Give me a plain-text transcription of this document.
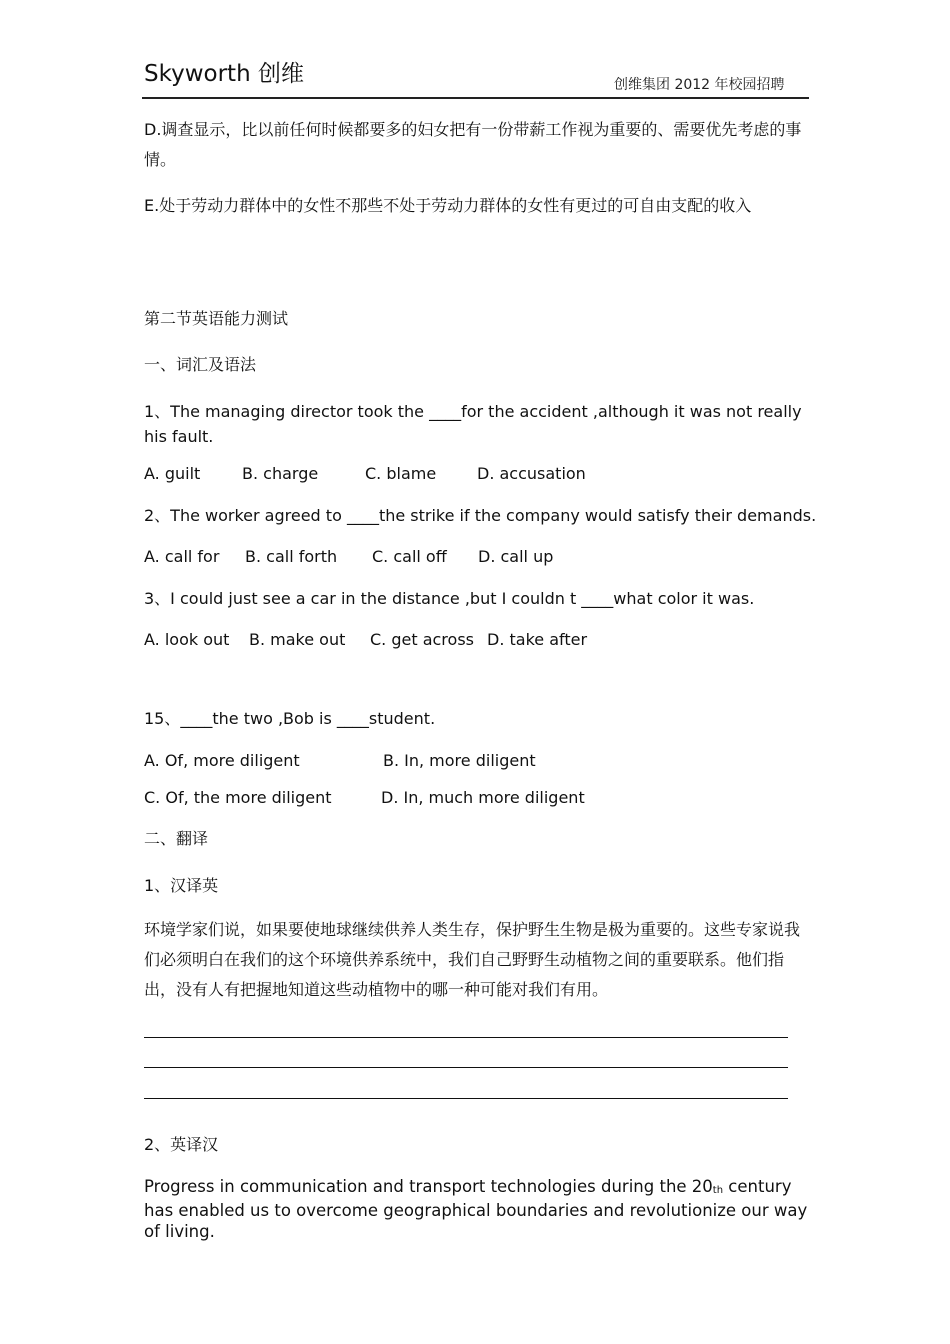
Skyworth 创维	创维集团 2012 年校园招聘
D.调查显示，比以前任何时候都要多的妇女把有一份带薪工作视为重要的、需要优先考虑的事情。
E.处于劳动力群体中的女性不那些不处于劳动力群体的女性有更过的可自由支配的收入
第二节英语能力测试
一、词汇及语法
1、The managing director took the ____for the accident ,although it was not really
his fault.
A. guilt	B. charge	C. blame	D. accusation
2、The worker agreed to ____the strike if the company would satisfy their demands.
A. call for B. call forth C. call off D. call up
3、I could just see a car in the distance ,but I couldn t ____what color it was.
A. look out B. make out C. get across D. take after
15、____the two ,Bob is ____student.
A. Of, more diligent	B. In, more diligent
C. Of, the more diligent	D. In, much more diligent
二、翻译
1、汉译英
环境学家们说，如果要使地球继续供养人类生存，保护野生生物是极为重要的。这些专家说我们必须明白在我们的这个环境供养系统中，我们自己野野生动植物之间的重要联系。他们指出，没有人有把握地知道这些动植物中的哪一种可能对我们有用。
2、英译汉
Progress in communication and transport technologies during the 20th century has enabled us to overcome geographical boundaries and revolutionize our way of living.
